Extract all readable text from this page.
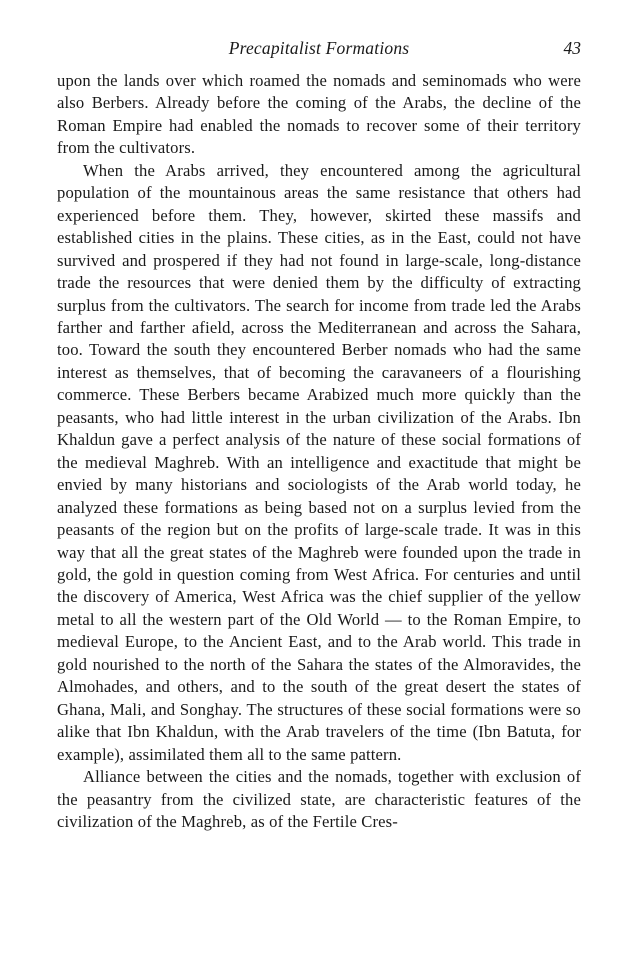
Precapitalist Formations	43

upon the lands over which roamed the nomads and seminomads who were also Berbers. Already before the coming of the Arabs, the decline of the Roman Empire had enabled the nomads to recover some of their territory from the cultivators.

When the Arabs arrived, they encountered among the agricultural population of the mountainous areas the same resistance that others had experienced before them. They, however, skirted these massifs and established cities in the plains. These cities, as in the East, could not have survived and prospered if they had not found in large-scale, long-distance trade the resources that were denied them by the difficulty of extracting surplus from the cultivators. The search for income from trade led the Arabs farther and farther afield, across the Mediterranean and across the Sahara, too. Toward the south they encountered Berber nomads who had the same interest as themselves, that of becoming the caravaneers of a flourishing commerce. These Berbers became Arabized much more quickly than the peasants, who had little interest in the urban civilization of the Arabs. Ibn Khaldun gave a perfect analysis of the nature of these social formations of the medieval Maghreb. With an intelligence and exactitude that might be envied by many historians and sociologists of the Arab world today, he analyzed these formations as being based not on a surplus levied from the peasants of the region but on the profits of large-scale trade. It was in this way that all the great states of the Maghreb were founded upon the trade in gold, the gold in question coming from West Africa. For centuries and until the discovery of America, West Africa was the chief supplier of the yellow metal to all the western part of the Old World — to the Roman Empire, to medieval Europe, to the Ancient East, and to the Arab world. This trade in gold nourished to the north of the Sahara the states of the Almoravides, the Almohades, and others, and to the south of the great desert the states of Ghana, Mali, and Songhay. The structures of these social formations were so alike that Ibn Khaldun, with the Arab travelers of the time (Ibn Batuta, for example), assimilated them all to the same pattern.

Alliance between the cities and the nomads, together with exclusion of the peasantry from the civilized state, are characteristic features of the civilization of the Maghreb, as of the Fertile Cres-
